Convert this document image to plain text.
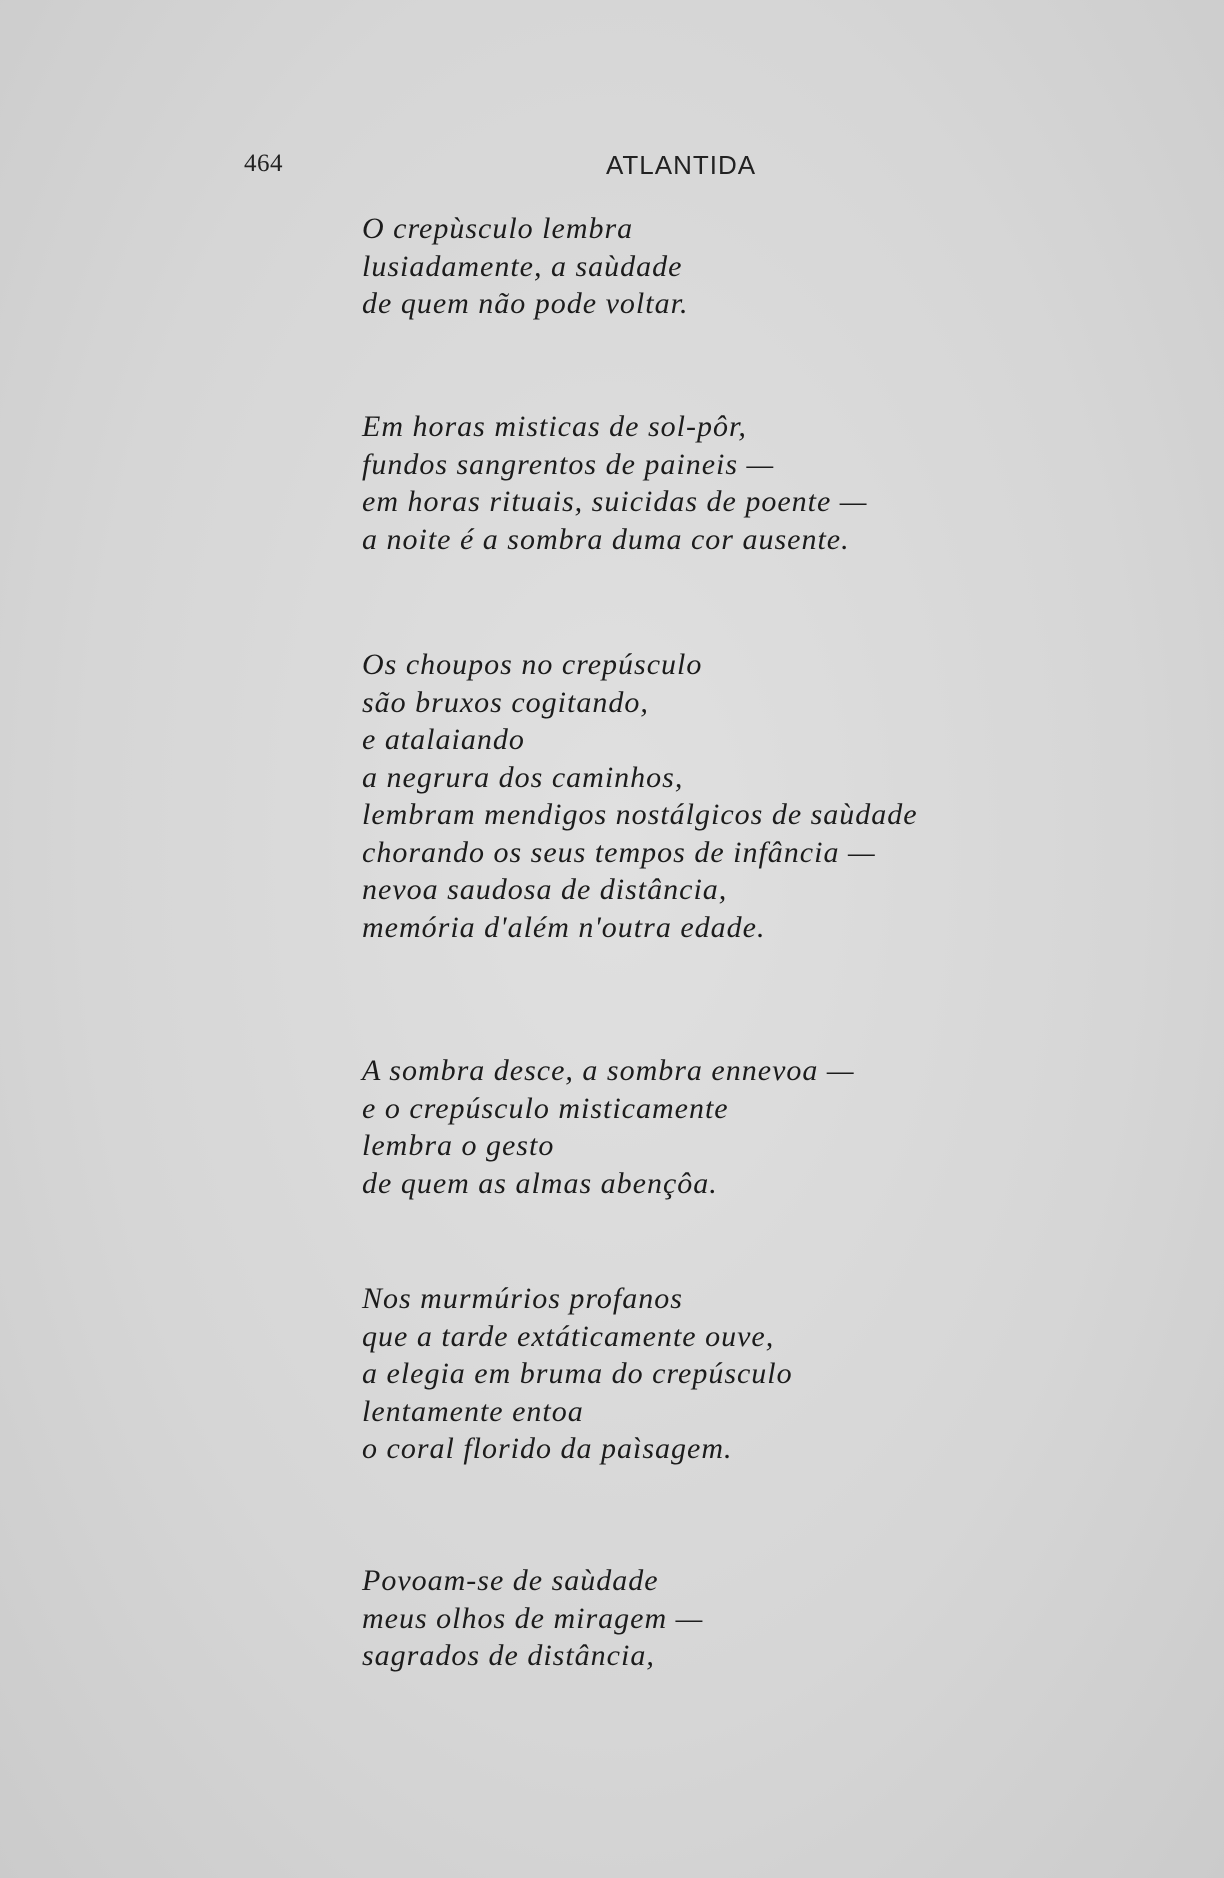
464	ATLANTIDA

O crepùsculo lembra
lusiadamente, a saùdade
de quem não pode voltar.

Em horas misticas de sol-pôr,
fundos sangrentos de paineis —
em horas rituais, suicidas de poente —
a noite é a sombra duma cor ausente.

Os choupos no crepúsculo
são bruxos cogitando,
e atalaiando
a negrura dos caminhos,
lembram mendigos nostálgicos de saùdade
chorando os seus tempos de infância —
nevoa saudosa de distância,
memória d'além n'outra edade.

A sombra desce, a sombra ennevoa —
e o crepúsculo misticamente
lembra o gesto
de quem as almas abençôa.

Nos murmúrios profanos
que a tarde extáticamente ouve,
a elegia em bruma do crepúsculo
lentamente entoa
o coral florido da paìsagem.

Povoam-se de saùdade
meus olhos de miragem —
sagrados de distância,
